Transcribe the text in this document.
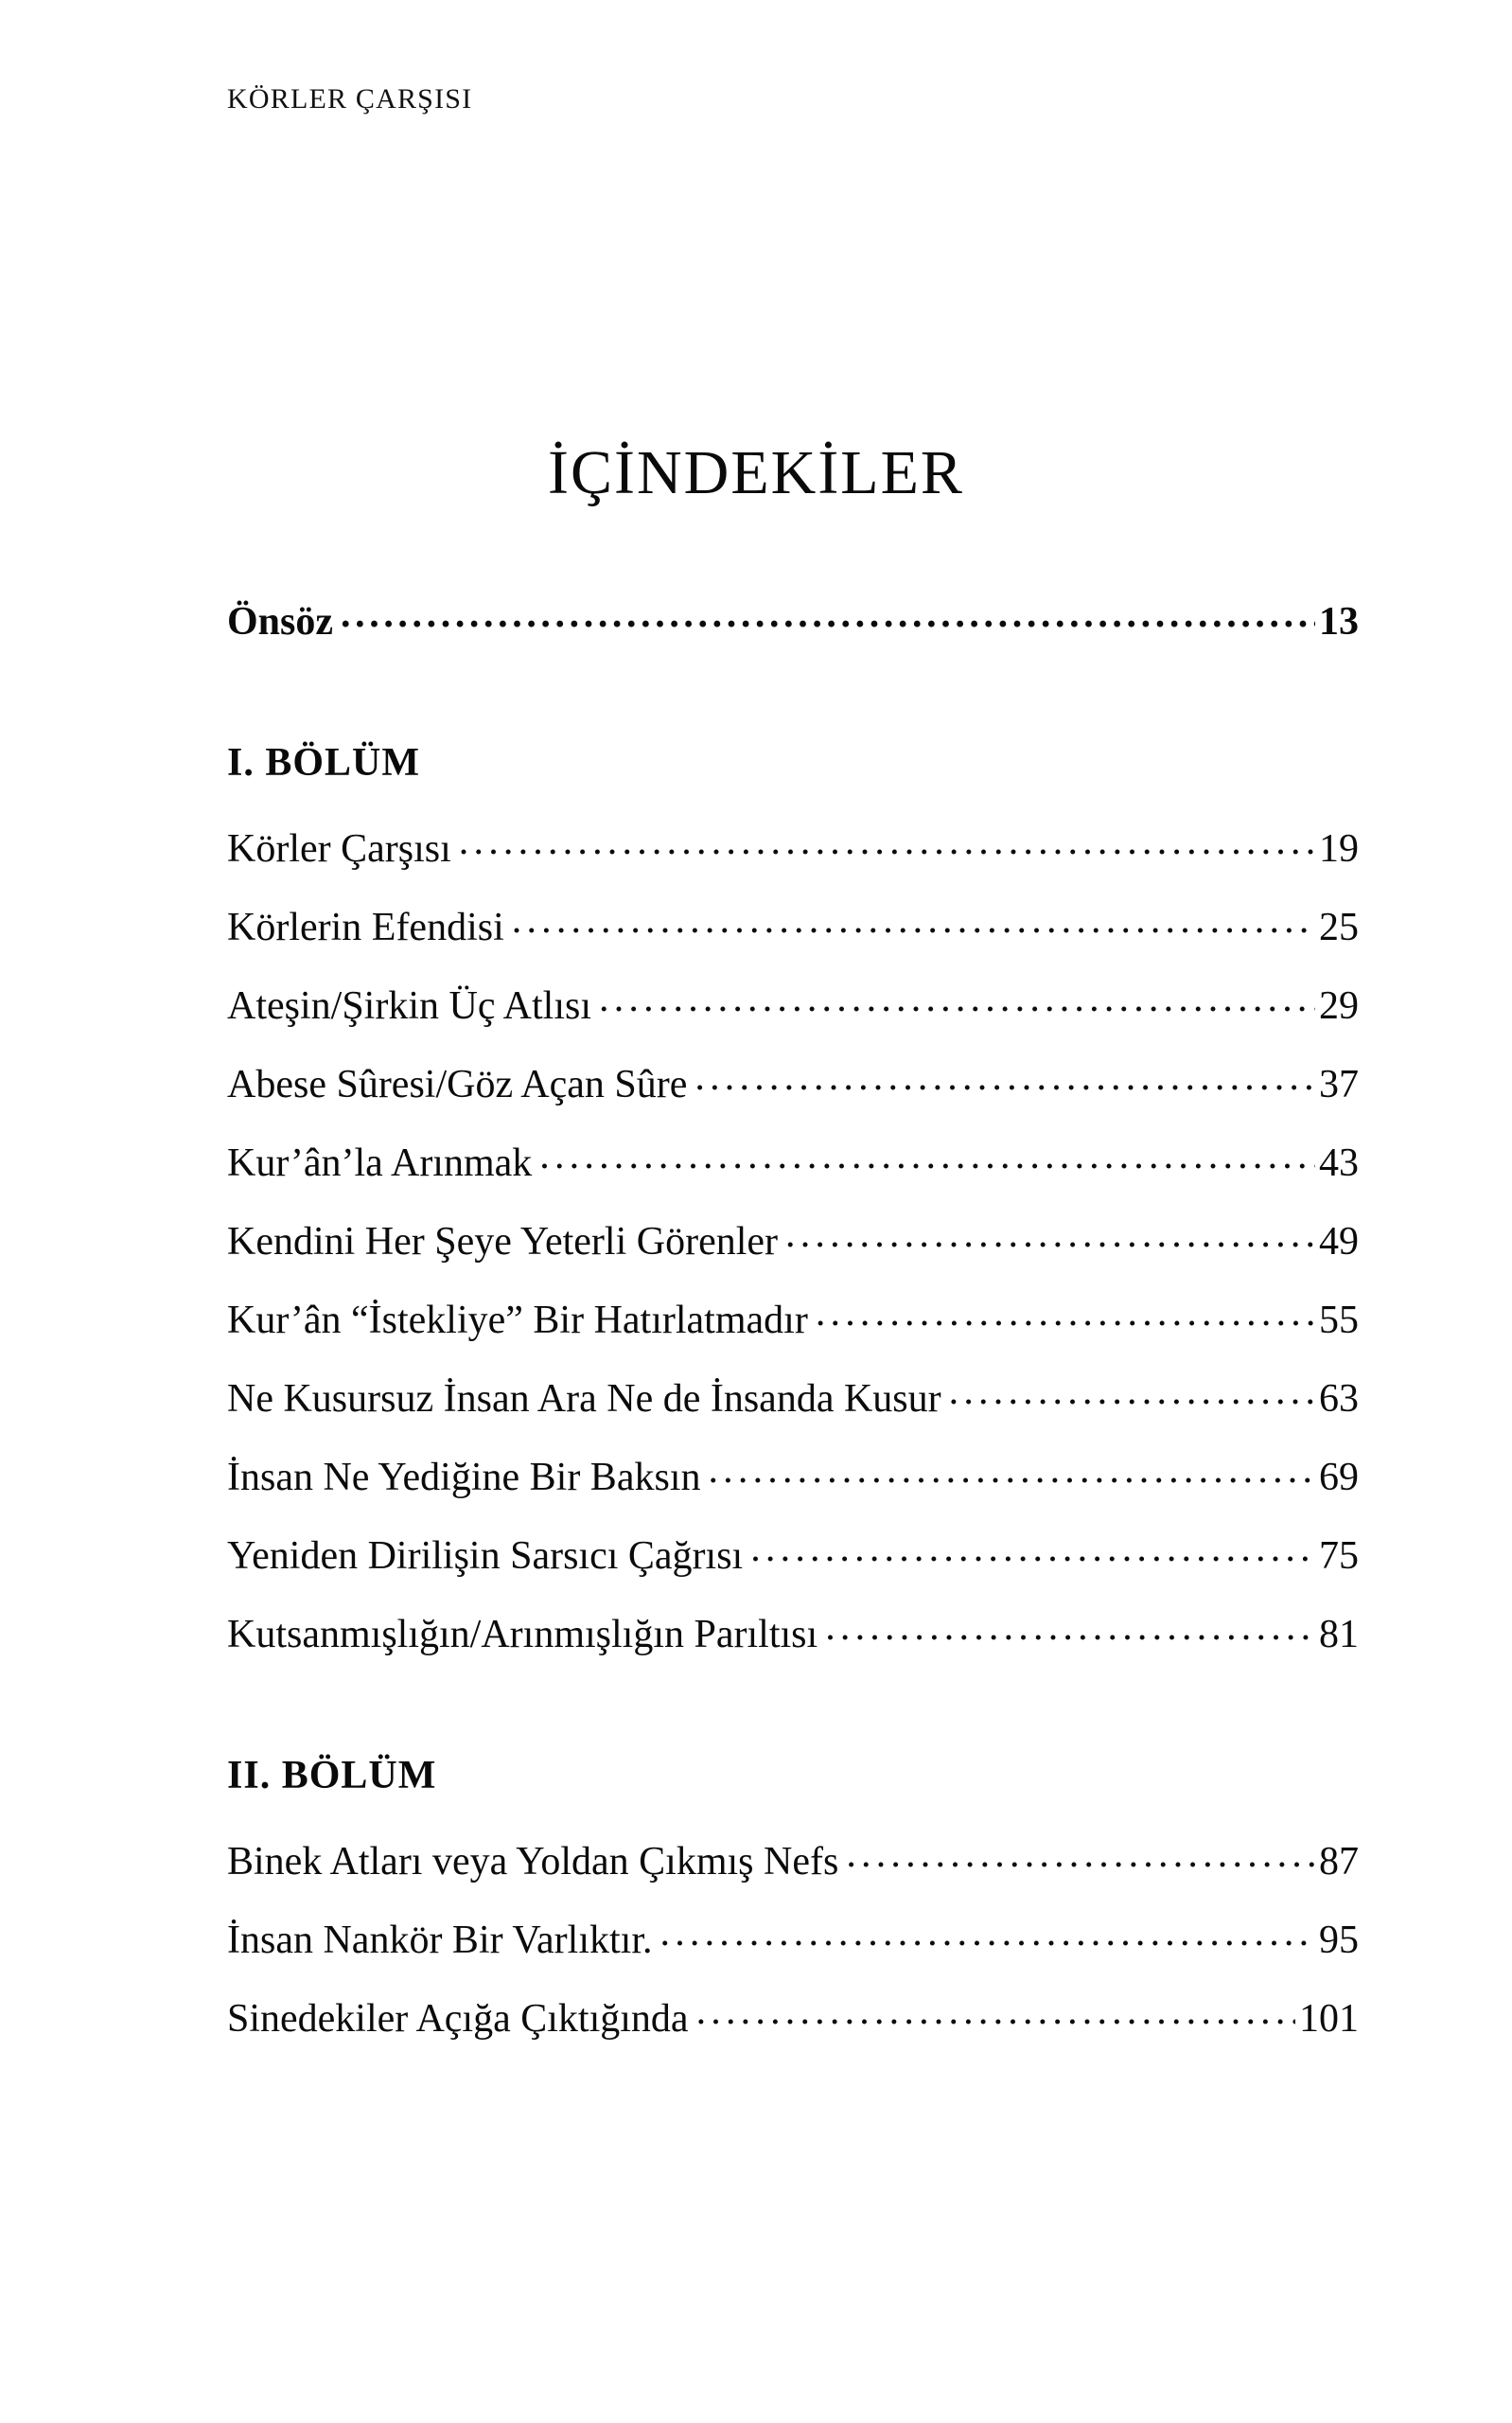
KÖRLER ÇARŞISI
İÇİNDEKİLER
Önsöz .....	13
I. BÖLÜM
Körler Çarşısı .....	19
Körlerin Efendisi .....	25
Ateşin/Şirkin Üç Atlısı .....	29
Abese Sûresi/Göz Açan Sûre .....	37
Kur’ân’la Arınmak .....	43
Kendini Her Şeye Yeterli Görenler .....	49
Kur’ân “İstekliye” Bir Hatırlatmadır .....	55
Ne Kusursuz İnsan Ara Ne de İnsanda Kusur .....	63
İnsan Ne Yediğine Bir Baksın .....	69
Yeniden Dirilişin Sarsıcı Çağrısı .....	75
Kutsanmışlığın/Arınmışlığın Parıltısı .....	81
II. BÖLÜM
Binek Atları veya Yoldan Çıkmış Nefs .....	87
İnsan Nankör Bir Varlıktır. .....	95
Sinedekiler Açığa Çıktığında .....	101
